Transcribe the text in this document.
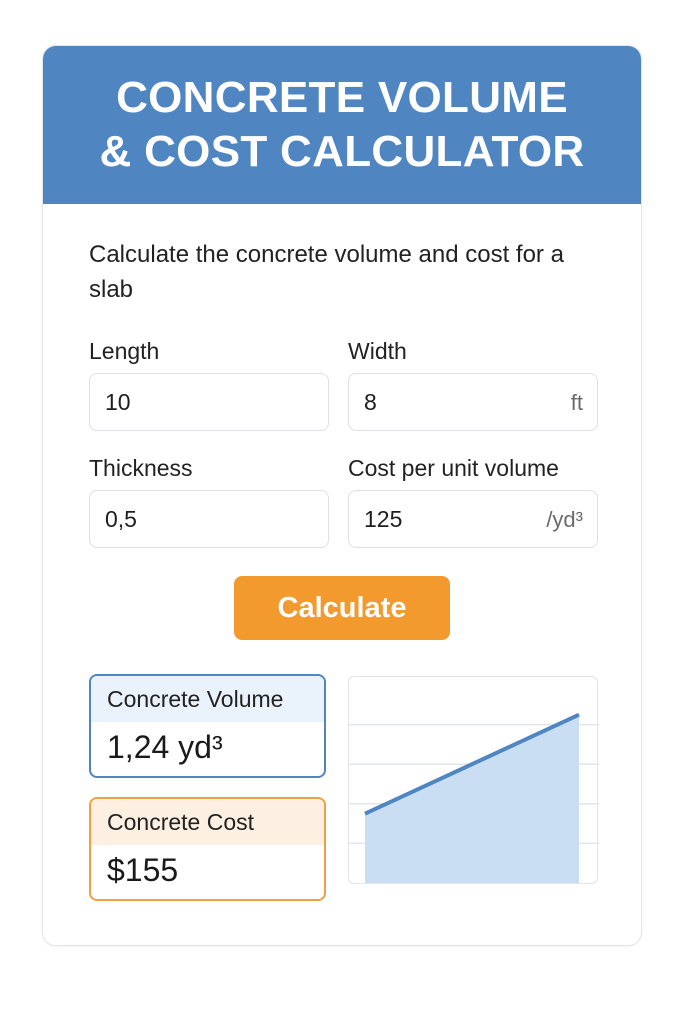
CONCRETE VOLUME
& COST CALCULATOR
Calculate the concrete volume and cost for a slab
Length
10
Width
8	ft
Thickness
0,5
Cost per unit volume
125	/yd³
Calculate
Concrete Volume
1,24 yd³
Concrete Cost
$155
